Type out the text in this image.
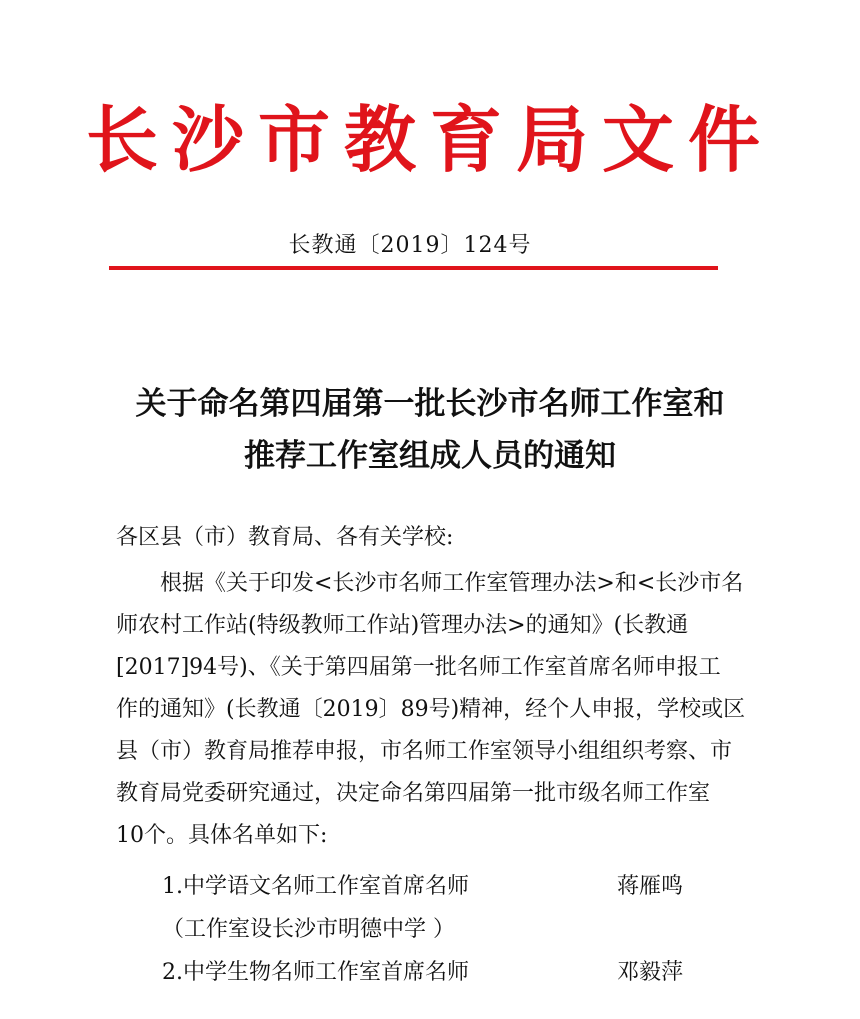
长沙市教育局文件
长教通〔2019〕124号
关于命名第四届第一批长沙市名师工作室和
推荐工作室组成人员的通知
各区县（市）教育局、各有关学校:
　　根据《关于印发<长沙市名师工作室管理办法>和<长沙市名
师农村工作站(特级教师工作站)管理办法>的通知》(长教通
[2017]94号)、《关于第四届第一批名师工作室首席名师申报工
作的通知》(长教通〔2019〕89号)精神，经个人申报，学校或区
县（市）教育局推荐申报，市名师工作室领导小组组织考察、市
教育局党委研究通过，决定命名第四届第一批市级名师工作室
10个。具体名单如下:
1.中学语文名师工作室首席名师	蒋雁鸣
（工作室设长沙市明德中学 ）
2.中学生物名师工作室首席名师	邓毅萍
